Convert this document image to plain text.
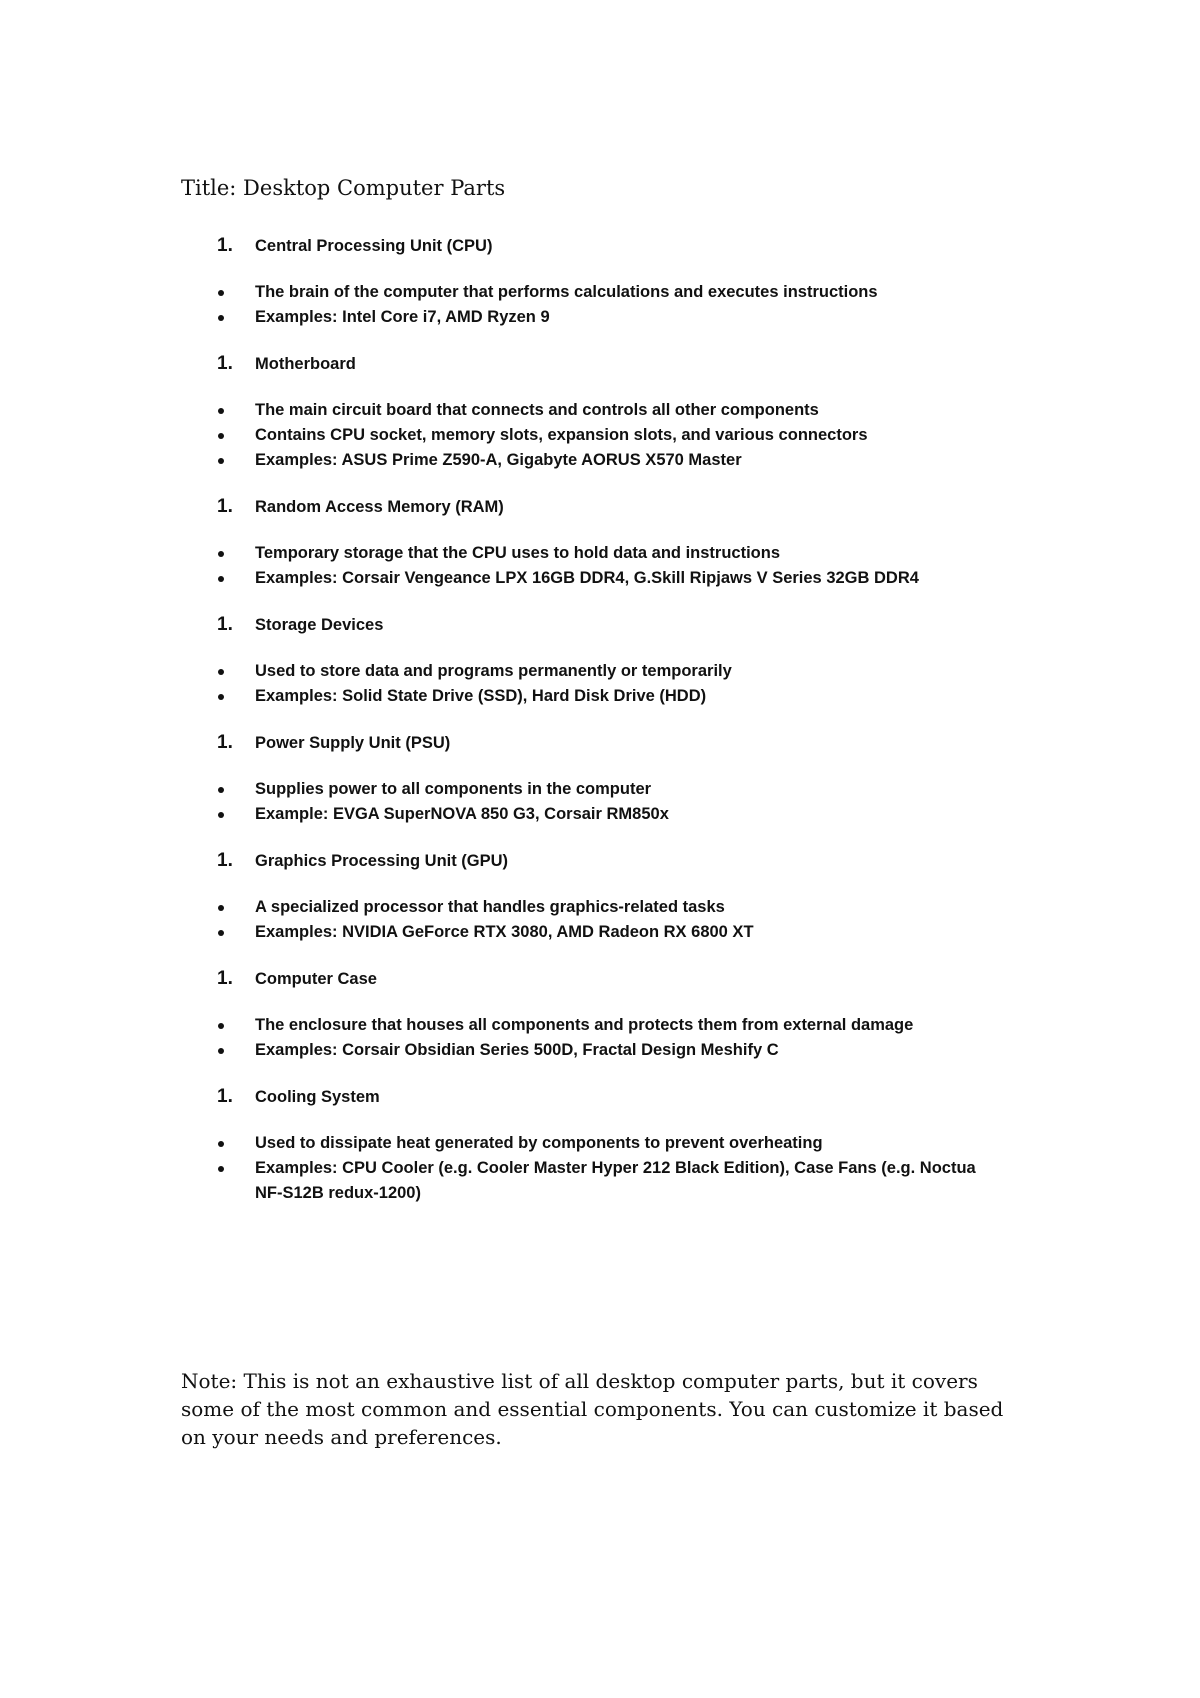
Title: Desktop Computer Parts
1. Central Processing Unit (CPU)
The brain of the computer that performs calculations and executes instructions
Examples: Intel Core i7, AMD Ryzen 9
1. Motherboard
The main circuit board that connects and controls all other components
Contains CPU socket, memory slots, expansion slots, and various connectors
Examples: ASUS Prime Z590-A, Gigabyte AORUS X570 Master
1. Random Access Memory (RAM)
Temporary storage that the CPU uses to hold data and instructions
Examples: Corsair Vengeance LPX 16GB DDR4, G.Skill Ripjaws V Series 32GB DDR4
1. Storage Devices
Used to store data and programs permanently or temporarily
Examples: Solid State Drive (SSD), Hard Disk Drive (HDD)
1. Power Supply Unit (PSU)
Supplies power to all components in the computer
Example: EVGA SuperNOVA 850 G3, Corsair RM850x
1. Graphics Processing Unit (GPU)
A specialized processor that handles graphics-related tasks
Examples: NVIDIA GeForce RTX 3080, AMD Radeon RX 6800 XT
1. Computer Case
The enclosure that houses all components and protects them from external damage
Examples: Corsair Obsidian Series 500D, Fractal Design Meshify C
1. Cooling System
Used to dissipate heat generated by components to prevent overheating
Examples: CPU Cooler (e.g. Cooler Master Hyper 212 Black Edition), Case Fans (e.g. Noctua NF-S12B redux-1200)
Note: This is not an exhaustive list of all desktop computer parts, but it covers some of the most common and essential components. You can customize it based on your needs and preferences.
